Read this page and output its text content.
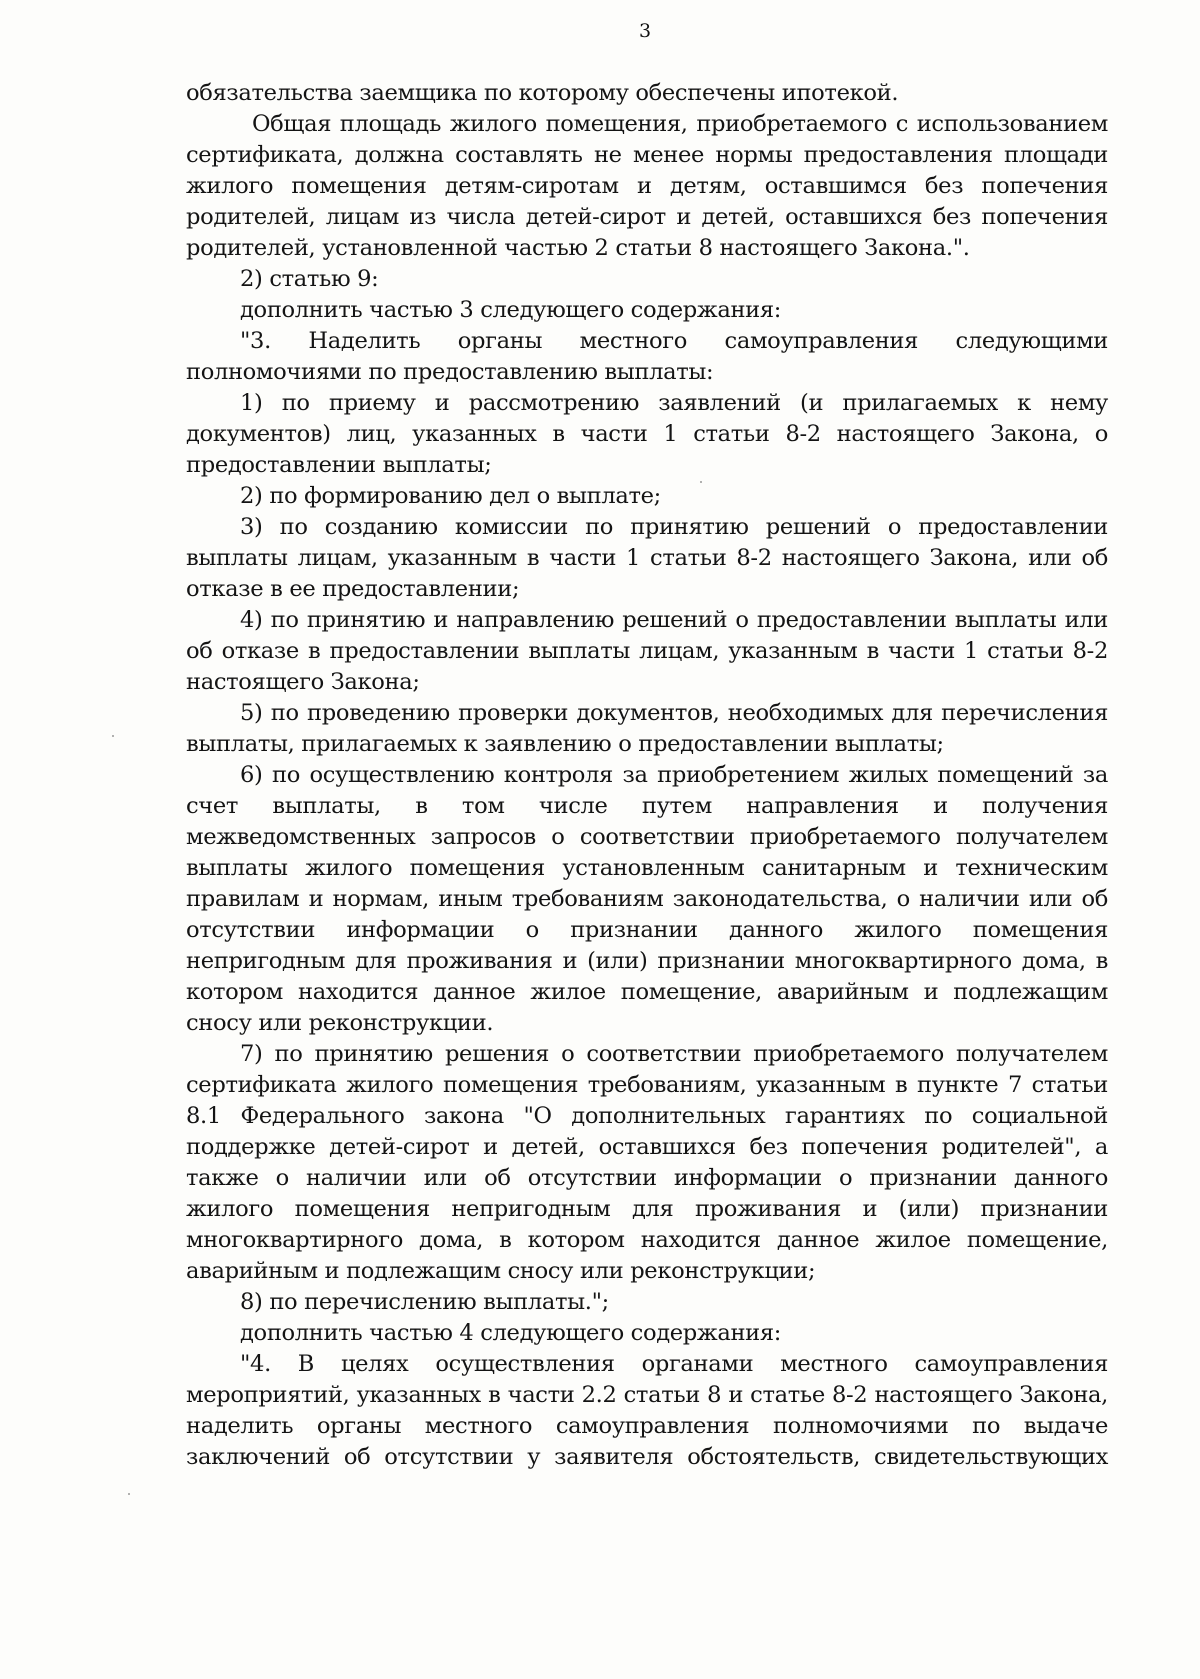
3

обязательства заемщика по которому обеспечены ипотекой.

Общая площадь жилого помещения, приобретаемого с использованием сертификата, должна составлять не менее нормы предоставления площади жилого помещения детям-сиротам и детям, оставшимся без попечения родителей, лицам из числа детей-сирот и детей, оставшихся без попечения родителей, установленной частью 2 статьи 8 настоящего Закона.".

2) статью 9:

дополнить частью 3 следующего содержания:

"3. Наделить органы местного самоуправления следующими полномочиями по предоставлению выплаты:

1) по приему и рассмотрению заявлений (и прилагаемых к нему документов) лиц, указанных в части 1 статьи 8-2 настоящего Закона, о предоставлении выплаты;

2) по формированию дел о выплате;

3) по созданию комиссии по принятию решений о предоставлении выплаты лицам, указанным в части 1 статьи 8-2 настоящего Закона, или об отказе в ее предоставлении;

4) по принятию и направлению решений о предоставлении выплаты или об отказе в предоставлении выплаты лицам, указанным в части 1 статьи 8-2 настоящего Закона;

5) по проведению проверки документов, необходимых для перечисления выплаты, прилагаемых к заявлению о предоставлении выплаты;

6) по осуществлению контроля за приобретением жилых помещений за счет выплаты, в том числе путем направления и получения межведомственных запросов о соответствии приобретаемого получателем выплаты жилого помещения установленным санитарным и техническим правилам и нормам, иным требованиям законодательства, о наличии или об отсутствии информации о признании данного жилого помещения непригодным для проживания и (или) признании многоквартирного дома, в котором находится данное жилое помещение, аварийным и подлежащим сносу или реконструкции.

7) по принятию решения о соответствии приобретаемого получателем сертификата жилого помещения требованиям, указанным в пункте 7 статьи 8.1 Федерального закона "О дополнительных гарантиях по социальной поддержке детей-сирот и детей, оставшихся без попечения родителей", а также о наличии или об отсутствии информации о признании данного жилого помещения непригодным для проживания и (или) признании многоквартирного дома, в котором находится данное жилое помещение, аварийным и подлежащим сносу или реконструкции;

8) по перечислению выплаты.";

дополнить частью 4 следующего содержания:

"4. В целях осуществления органами местного самоуправления мероприятий, указанных в части 2.2 статьи 8 и статье 8-2 настоящего Закона, наделить органы местного самоуправления полномочиями по выдаче заключений об отсутствии у заявителя обстоятельств, свидетельствующих
